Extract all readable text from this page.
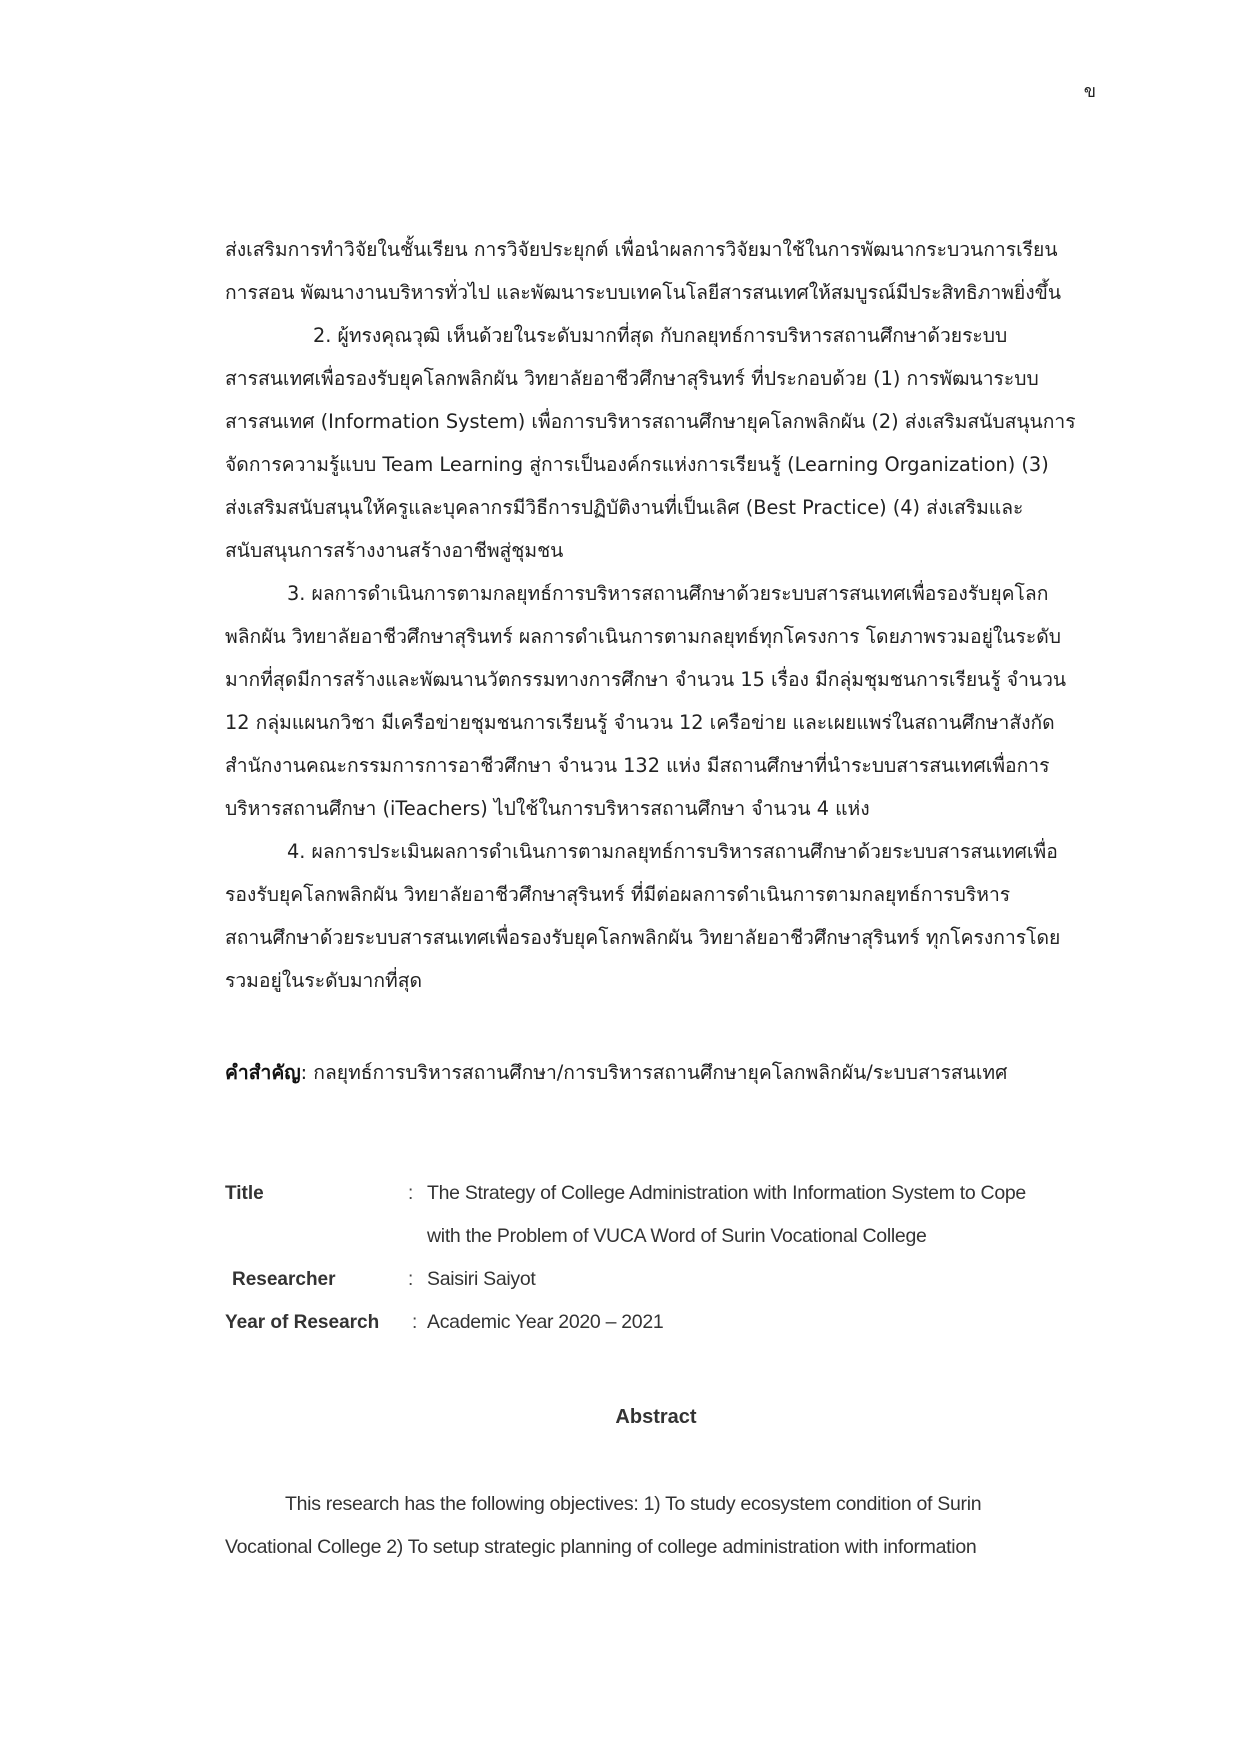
ข
ส่งเสริมการทำวิจัยในชั้นเรียน การวิจัยประยุกต์ เพื่อนำผลการวิจัยมาใช้ในการพัฒนากระบวนการเรียน
การสอน พัฒนางานบริหารทั่วไป และพัฒนาระบบเทคโนโลยีสารสนเทศให้สมบูรณ์มีประสิทธิภาพยิ่งขึ้น
2. ผู้ทรงคุณวุฒิ เห็นด้วยในระดับมากที่สุด กับกลยุทธ์การบริหารสถานศึกษาด้วยระบบ
สารสนเทศเพื่อรองรับยุคโลกพลิกผัน วิทยาลัยอาชีวศึกษาสุรินทร์ ที่ประกอบด้วย (1) การพัฒนาระบบ
สารสนเทศ (Information System) เพื่อการบริหารสถานศึกษายุคโลกพลิกผัน (2) ส่งเสริมสนับสนุนการ
จัดการความรู้แบบ Team Learning สู่การเป็นองค์กรแห่งการเรียนรู้ (Learning Organization) (3)
ส่งเสริมสนับสนุนให้ครูและบุคลากรมีวิธีการปฏิบัติงานที่เป็นเลิศ (Best Practice) (4) ส่งเสริมและ
สนับสนุนการสร้างงานสร้างอาชีพสู่ชุมชน
3. ผลการดำเนินการตามกลยุทธ์การบริหารสถานศึกษาด้วยระบบสารสนเทศเพื่อรองรับยุคโลก
พลิกผัน วิทยาลัยอาชีวศึกษาสุรินทร์ ผลการดำเนินการตามกลยุทธ์ทุกโครงการ โดยภาพรวมอยู่ในระดับ
มากที่สุดมีการสร้างและพัฒนานวัตกรรมทางการศึกษา จำนวน 15 เรื่อง มีกลุ่มชุมชนการเรียนรู้ จำนวน
12 กลุ่มแผนกวิชา มีเครือข่ายชุมชนการเรียนรู้ จำนวน 12 เครือข่าย และเผยแพร่ในสถานศึกษาสังกัด
สำนักงานคณะกรรมการการอาชีวศึกษา จำนวน 132 แห่ง มีสถานศึกษาที่นำระบบสารสนเทศเพื่อการ
บริหารสถานศึกษา (iTeachers) ไปใช้ในการบริหารสถานศึกษา จำนวน 4 แห่ง
4. ผลการประเมินผลการดำเนินการตามกลยุทธ์การบริหารสถานศึกษาด้วยระบบสารสนเทศเพื่อ
รองรับยุคโลกพลิกผัน วิทยาลัยอาชีวศึกษาสุรินทร์ ที่มีต่อผลการดำเนินการตามกลยุทธ์การบริหาร
สถานศึกษาด้วยระบบสารสนเทศเพื่อรองรับยุคโลกพลิกผัน วิทยาลัยอาชีวศึกษาสุรินทร์ ทุกโครงการโดย
รวมอยู่ในระดับมากที่สุด
คำสำคัญ: กลยุทธ์การบริหารสถานศึกษา/การบริหารสถานศึกษายุคโลกพลิกผัน/ระบบสารสนเทศ
Title	: The Strategy of College Administration with Information System to Cope
with the Problem of VUCA Word of Surin Vocational College
Researcher	: Saisiri Saiyot
Year of Research : Academic Year 2020 – 2021
Abstract
This research has the following objectives: 1) To study ecosystem condition of Surin
Vocational College 2) To setup strategic planning of college administration with information
